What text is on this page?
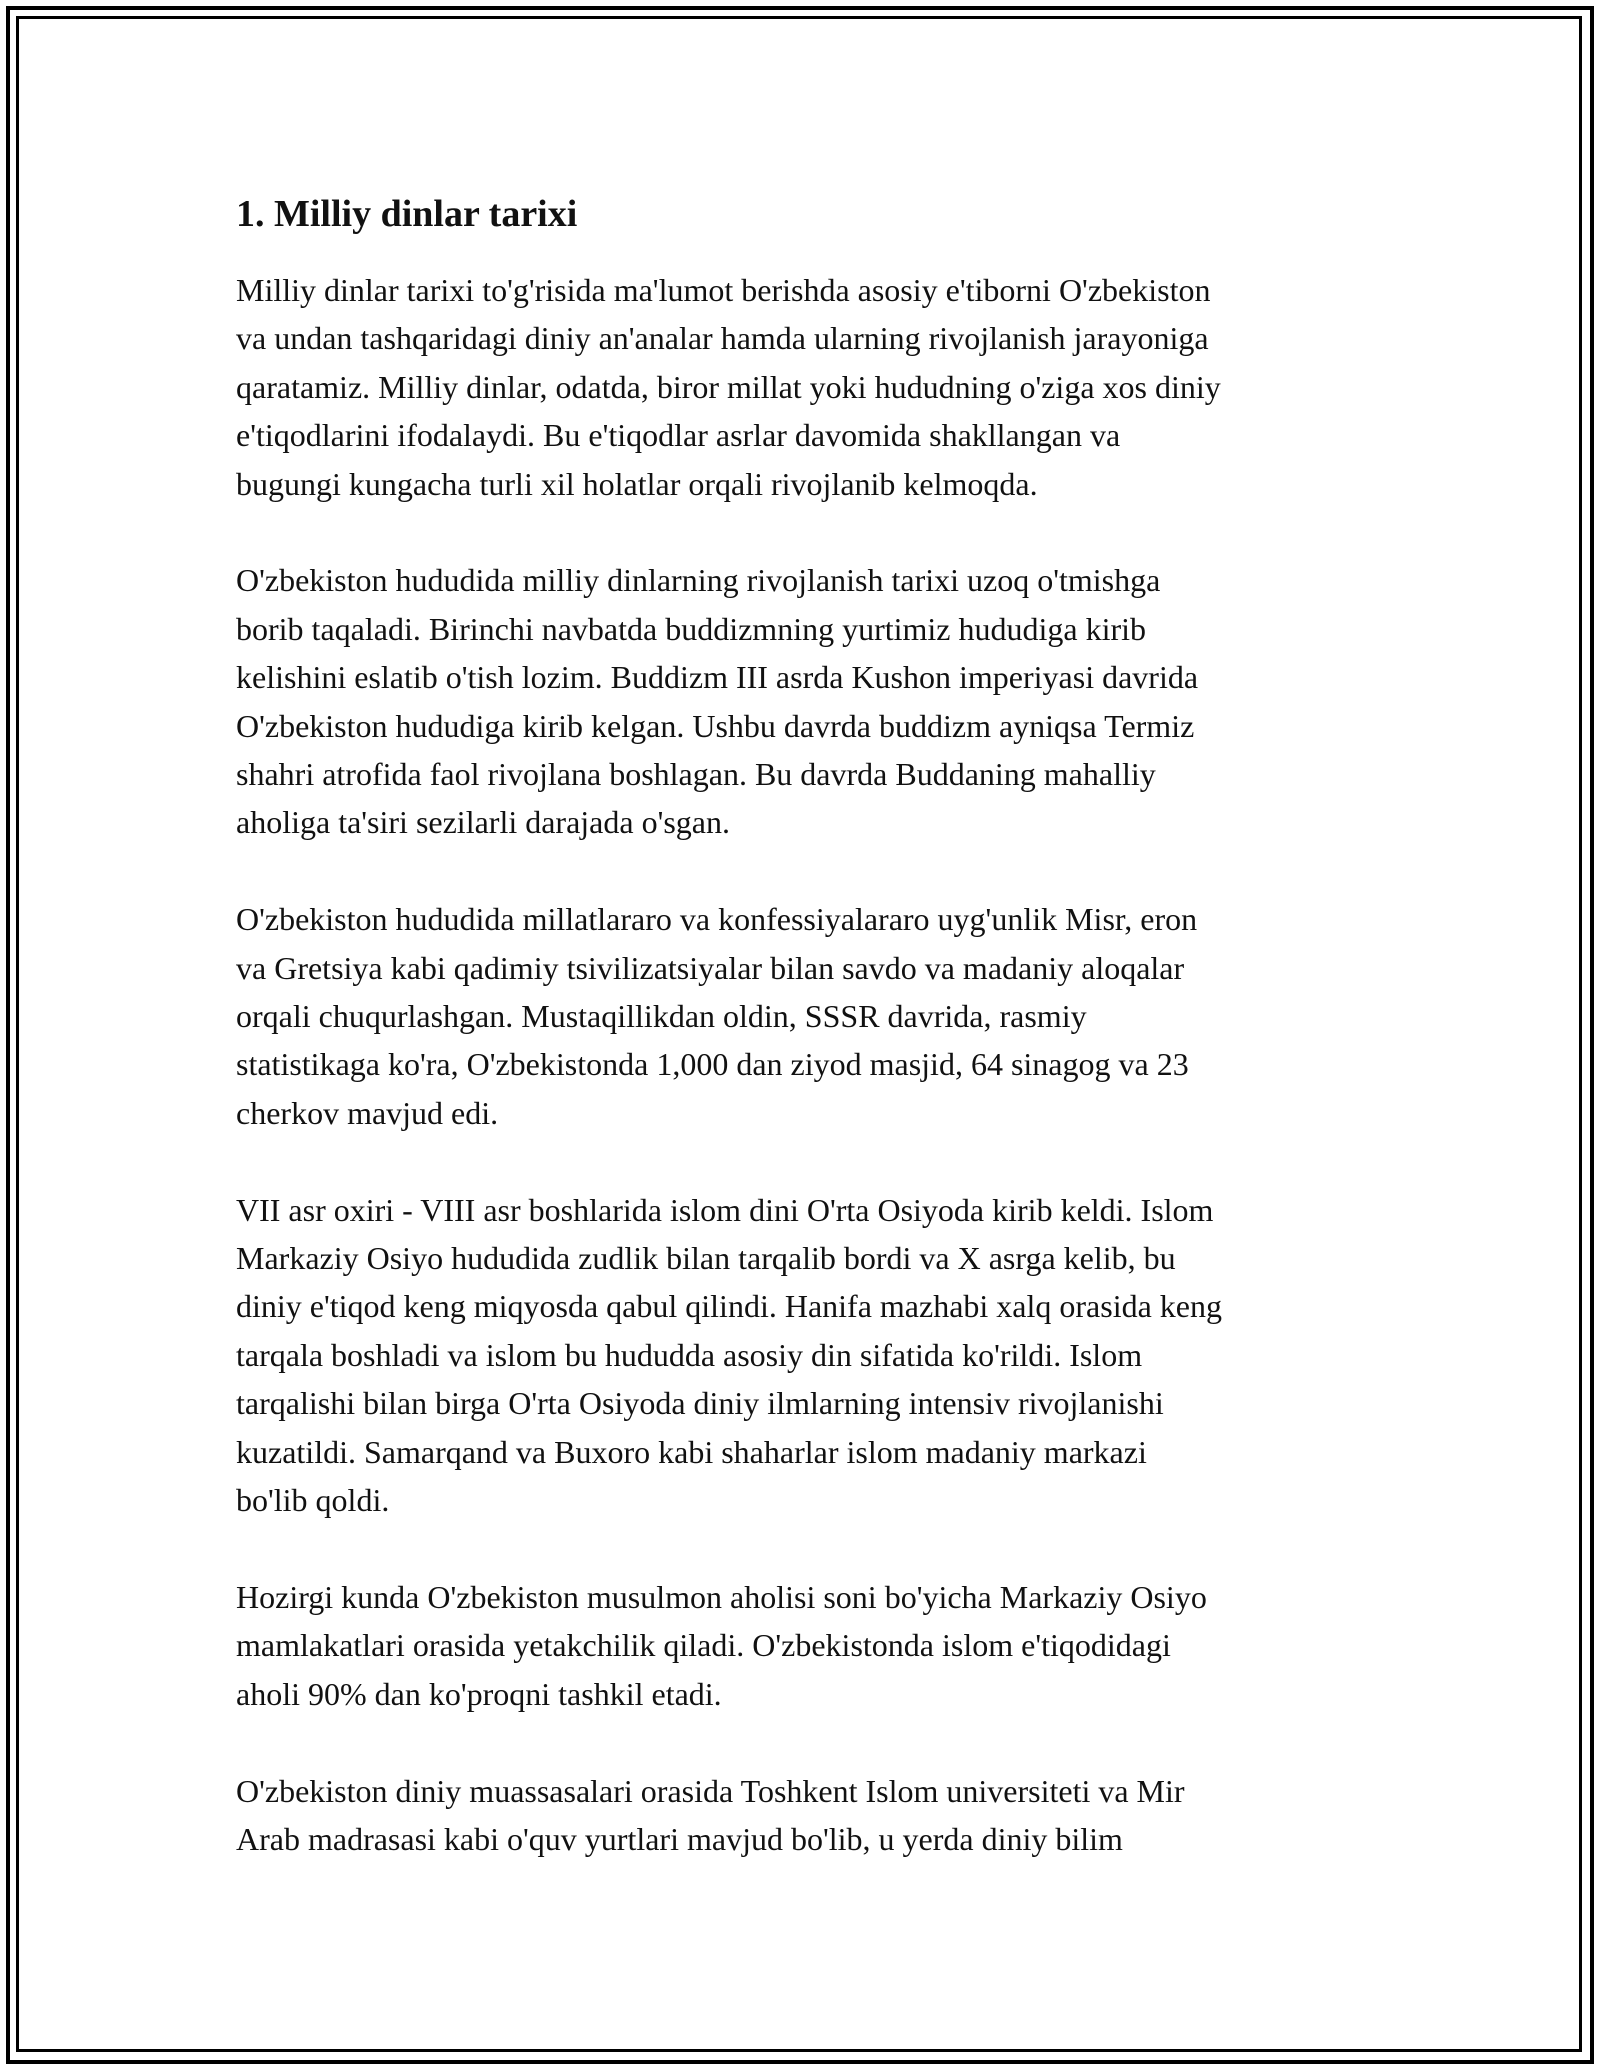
1. Milliy dinlar tarixi
Milliy dinlar tarixi to'g'risida ma'lumot berishda asosiy e'tiborni O'zbekiston
va undan tashqaridagi diniy an'analar hamda ularning rivojlanish jarayoniga
qaratamiz. Milliy dinlar, odatda, biror millat yoki hududning o'ziga xos diniy
e'tiqodlarini ifodalaydi. Bu e'tiqodlar asrlar davomida shakllangan va
bugungi kungacha turli xil holatlar orqali rivojlanib kelmoqda.
O'zbekiston hududida milliy dinlarning rivojlanish tarixi uzoq o'tmishga
borib taqaladi. Birinchi navbatda buddizmning yurtimiz hududiga kirib
kelishini eslatib o'tish lozim. Buddizm III asrda Kushon imperiyasi davrida
O'zbekiston hududiga kirib kelgan. Ushbu davrda buddizm ayniqsa Termiz
shahri atrofida faol rivojlana boshlagan. Bu davrda Buddaning mahalliy
aholiga ta'siri sezilarli darajada o'sgan.
O'zbekiston hududida millatlararo va konfessiyalararo uyg'unlik Misr, eron
va Gretsiya kabi qadimiy tsivilizatsiyalar bilan savdo va madaniy aloqalar
orqali chuqurlashgan. Mustaqillikdan oldin, SSSR davrida, rasmiy
statistikaga ko'ra, O'zbekistonda 1,000 dan ziyod masjid, 64 sinagog va 23
cherkov mavjud edi.
VII asr oxiri - VIII asr boshlarida islom dini O'rta Osiyoda kirib keldi. Islom
Markaziy Osiyo hududida zudlik bilan tarqalib bordi va X asrga kelib, bu
diniy e'tiqod keng miqyosda qabul qilindi. Hanifa mazhabi xalq orasida keng
tarqala boshladi va islom bu hududda asosiy din sifatida ko'rildi. Islom
tarqalishi bilan birga O'rta Osiyoda diniy ilmlarning intensiv rivojlanishi
kuzatildi. Samarqand va Buxoro kabi shaharlar islom madaniy markazi
bo'lib qoldi.
Hozirgi kunda O'zbekiston musulmon aholisi soni bo'yicha Markaziy Osiyo
mamlakatlari orasida yetakchilik qiladi. O'zbekistonda islom e'tiqodidagi
aholi 90% dan ko'proqni tashkil etadi.
O'zbekiston diniy muassasalari orasida Toshkent Islom universiteti va Mir
Arab madrasasi kabi o'quv yurtlari mavjud bo'lib, u yerda diniy bilim
